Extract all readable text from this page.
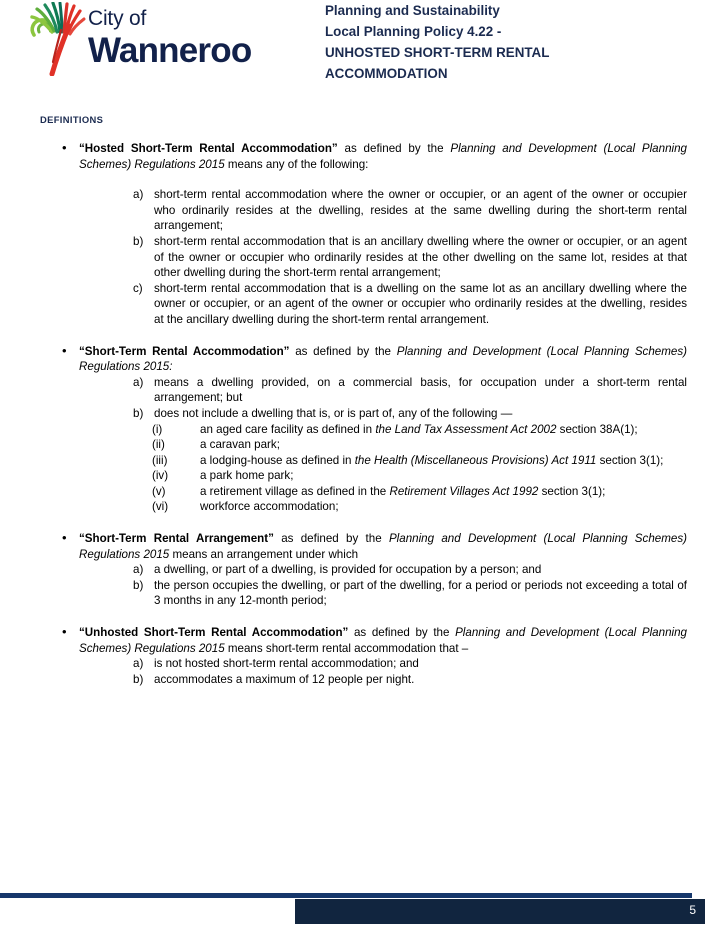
City of
Wanneroo
Planning and Sustainability
Local Planning Policy 4.22 -
UNHOSTED SHORT-TERM RENTAL
ACCOMMODATION
DEFINITIONS
• “Hosted Short-Term Rental Accommodation” as defined by the Planning and Development (Local Planning Schemes) Regulations 2015 means any of the following:
a) short-term rental accommodation where the owner or occupier, or an agent of the owner or occupier who ordinarily resides at the dwelling, resides at the same dwelling during the short-term rental arrangement;
b) short-term rental accommodation that is an ancillary dwelling where the owner or occupier, or an agent of the owner or occupier who ordinarily resides at the other dwelling on the same lot, resides at that other dwelling during the short-term rental arrangement;
c) short-term rental accommodation that is a dwelling on the same lot as an ancillary dwelling where the owner or occupier, or an agent of the owner or occupier who ordinarily resides at the dwelling, resides at the ancillary dwelling during the short-term rental arrangement.
• “Short-Term Rental Accommodation” as defined by the Planning and Development (Local Planning Schemes) Regulations 2015:
a) means a dwelling provided, on a commercial basis, for occupation under a short-term rental arrangement; but
b) does not include a dwelling that is, or is part of, any of the following —
(i)	an aged care facility as defined in the Land Tax Assessment Act 2002 section 38A(1);
(ii)	a caravan park;
(iii)	a lodging-house as defined in the Health (Miscellaneous Provisions) Act 1911 section 3(1);
(iv)	a park home park;
(v)	a retirement village as defined in the Retirement Villages Act 1992 section 3(1);
(vi)	workforce accommodation;
• “Short-Term Rental Arrangement” as defined by the Planning and Development (Local Planning Schemes) Regulations 2015 means an arrangement under which
a) a dwelling, or part of a dwelling, is provided for occupation by a person; and
b) the person occupies the dwelling, or part of the dwelling, for a period or periods not exceeding a total of 3 months in any 12-month period;
• “Unhosted Short-Term Rental Accommodation” as defined by the Planning and Development (Local Planning Schemes) Regulations 2015 means short-term rental accommodation that –
a) is not hosted short-term rental accommodation; and
b) accommodates a maximum of 12 people per night.
5
